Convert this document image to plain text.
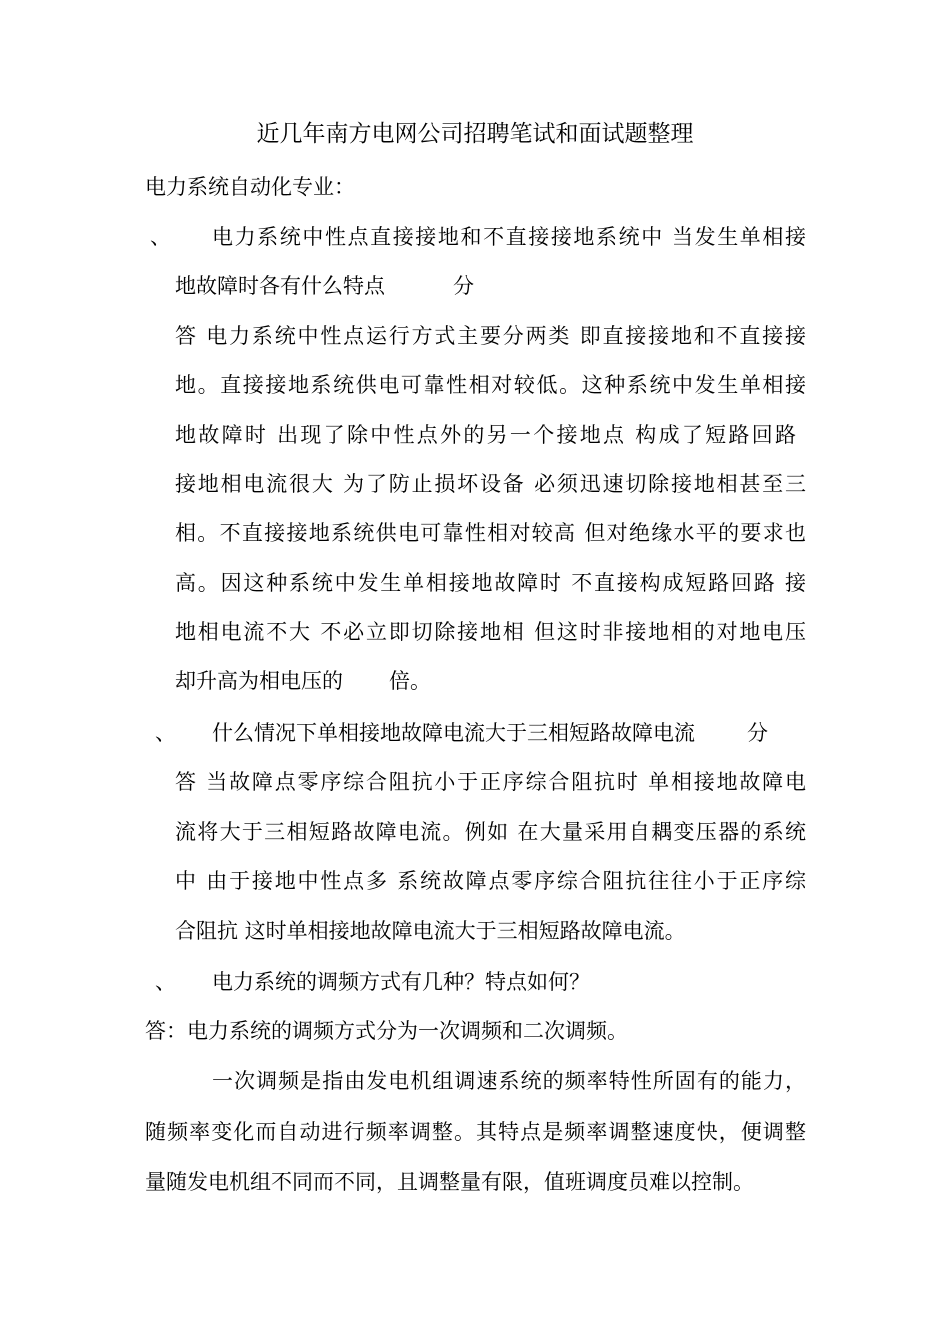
近几年南方电网公司招聘笔试和面试题整理
电力系统自动化专业：
、 电力系统中性点直接接地和不直接接地系统中 当发生单相接
地故障时各有什么特点	分
答 电力系统中性点运行方式主要分两类 即直接接地和不直接接
地。直接接地系统供电可靠性相对较低。这种系统中发生单相接
地故障时 出现了除中性点外的另一个接地点 构成了短路回路
接地相电流很大 为了防止损坏设备 必须迅速切除接地相甚至三
相。不直接接地系统供电可靠性相对较高 但对绝缘水平的要求也
高。因这种系统中发生单相接地故障时 不直接构成短路回路 接
地相电流不大 不必立即切除接地相 但这时非接地相的对地电压
却升高为相电压的 倍。
、 什么情况下单相接地故障电流大于三相短路故障电流 分
答 当故障点零序综合阻抗小于正序综合阻抗时 单相接地故障电
流将大于三相短路故障电流。例如 在大量采用自耦变压器的系统
中 由于接地中性点多 系统故障点零序综合阻抗往往小于正序综
合阻抗 这时单相接地故障电流大于三相短路故障电流。
、 电力系统的调频方式有几种？特点如何？
答：电力系统的调频方式分为一次调频和二次调频。
一次调频是指由发电机组调速系统的频率特性所固有的能力，
随频率变化而自动进行频率调整。其特点是频率调整速度快，便调整
量随发电机组不同而不同，且调整量有限，值班调度员难以控制。
